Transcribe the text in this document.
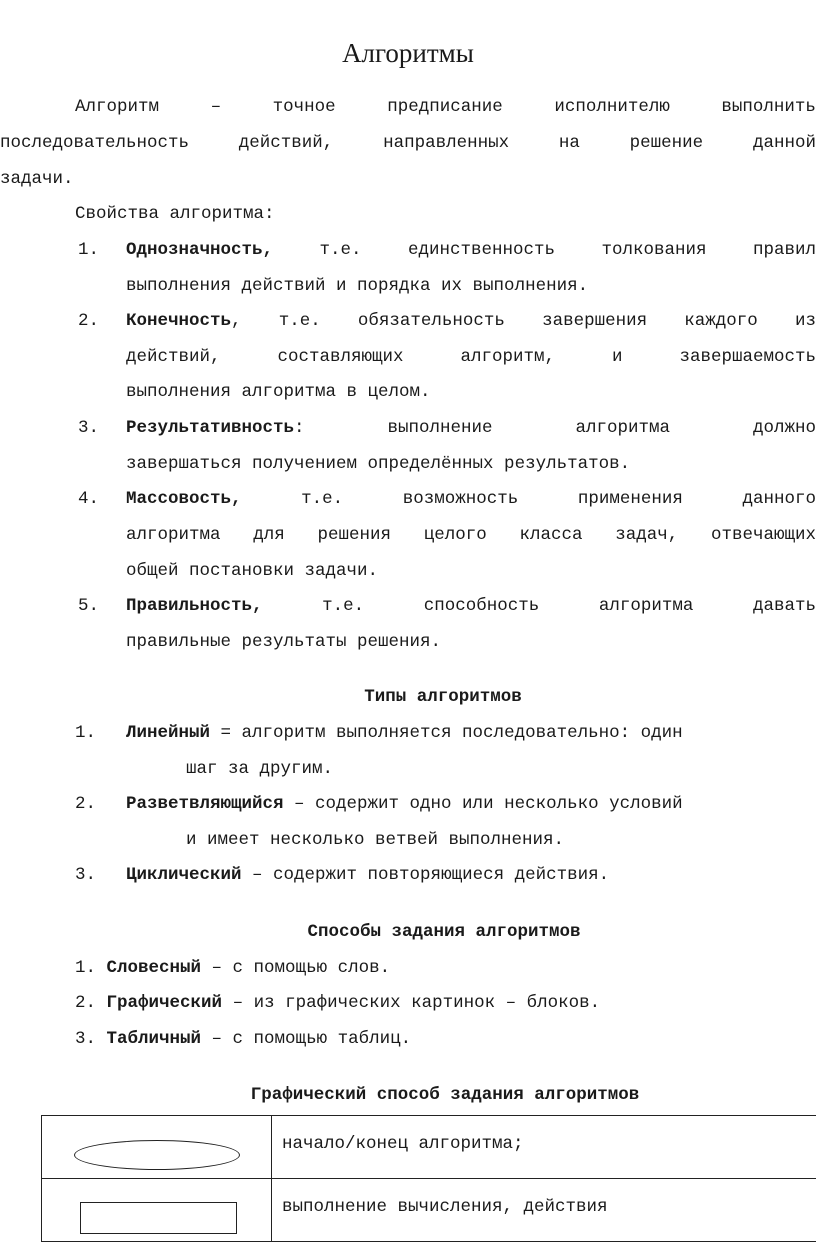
Алгоритмы
Алгоритм	–	точное	предписание	исполнителю	выполнить
последовательность	действий,	направленных	на	решение	данной
задачи.
Свойства алгоритма:
1. Однозначность,	т.е. единственность толкования правил
выполнения действий и порядка их выполнения.
2. Конечность, т.е. обязательность завершения каждого из
действий, составляющих алгоритм, и завершаемость
выполнения алгоритма в целом.
3. Результативность: выполнение алгоритма должно
завершаться получением определённых результатов.
4. Массовость,	т.е. возможность применения данного
алгоритма для решения целого класса задач, отвечающих
общей постановки задачи.
5. Правильность,	т.е. способность алгоритма давать
правильные результаты решения.
Типы алгоритмов
1. Линейный = алгоритм выполняется последовательно: один
шаг за другим.
2. Разветвляющийся – содержит одно или несколько условий
и имеет несколько ветвей выполнения.
3. Циклический – содержит повторяющиеся действия.
Способы задания алгоритмов
1. Словесный – с помощью слов.
2. Графический – из графических картинок – блоков.
3. Табличный – с помощью таблиц.
Графический способ задания алгоритмов
	начало/конец алгоритма;

	выполнение вычисления, действия
